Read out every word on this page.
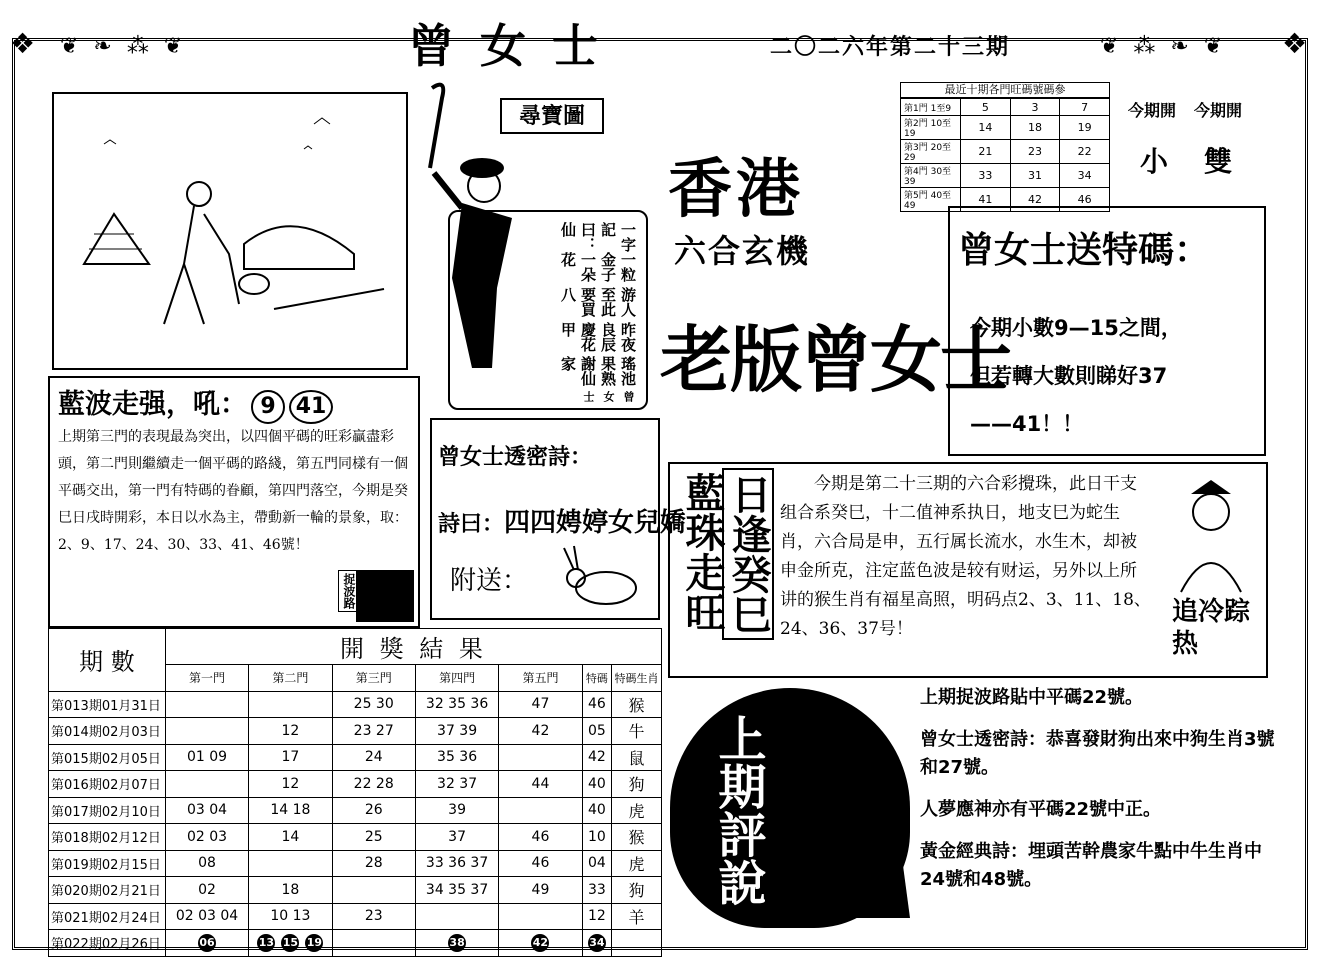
❖	❖
❦ ❧ ⁂ ❦	❦ ⁂ ❧ ❦
曾女士	二〇二六年第二十三期
尋寶圖
一字記曰：仙
一粒金子一朵花
游人至此要買八
昨夜良辰慶花甲
瑤池果熟謝仙家
曾女士
香港
六合玄機
老版曾女士
最近十期各門旺碼號碼參
第1門 1至9	5	3	7
第2門 10至19	14	18	19
第3門 20至29	21	23	22
第4門 30至39	33	31	34
第5門 40至49	41	42	46
今期開 今期開
小 雙
曾女士送特碼：
今期小數9—15之間，
但若轉大數則睇好37
——41！！
藍波走强，吼： 9 41
上期第三門的表現最為突出，以四個平碼的旺彩贏盡彩頭，第二門則繼續走一個平碼的路綫，第五門同樣有一個平碼交出，第一門有特碼的眷顧，第四門落空，今期是癸巳日戌時開彩，本日以水為主，帶動新一輪的景象，取：2、9、17、24、30、33、41、46號！
捉波路
曾女士透密詩：
詩曰：四四娉婷女兒嬌
附送：	藍珠走旺 日逢癸巳	今期是第二十三期的六合彩攪珠，此日干支组合系癸巳，十二值神系执日，地支巳为蛇生肖，六合局是申，五行属长流水，水生木，却被申金所克，注定蓝色波是较有财运，另外以上所讲的猴生肖有福星高照，明码点2、3、11、18、24、36、37号！
追冷踪热
期 數	開 獎 結 果						
	第一門	第二門	第三門	第四門	第五門	特碼	特碼生肖
第013期01月31日			25 30	32 35 36	47	46	猴
第014期02月03日		12	23 27	37 39	42	05	牛
第015期02月05日	01 09	17	24	35 36		42	鼠
第016期02月07日		12	22 28	32 37	44	40	狗
第017期02月10日	03 04	14 18	26	39		40	虎
第018期02月12日	02 03	14	25	37	46	10	猴
第019期02月15日	08		28	33 36 37	46	04	虎
第020期02月21日	02	18		34 35 37	49	33	狗
第021期02月24日	02 03 04	10 13	23			12	羊
第022期02月26日	06	13 15 19		38	42	34	
上期評說
上期捉波路貼中平碼22號。
曾女士透密詩：恭喜發財狗出來中狗生肖3號和27號。
人夢應神亦有平碼22號中正。
黃金經典詩：埋頭苦幹農家牛點中牛生肖中24號和48號。
